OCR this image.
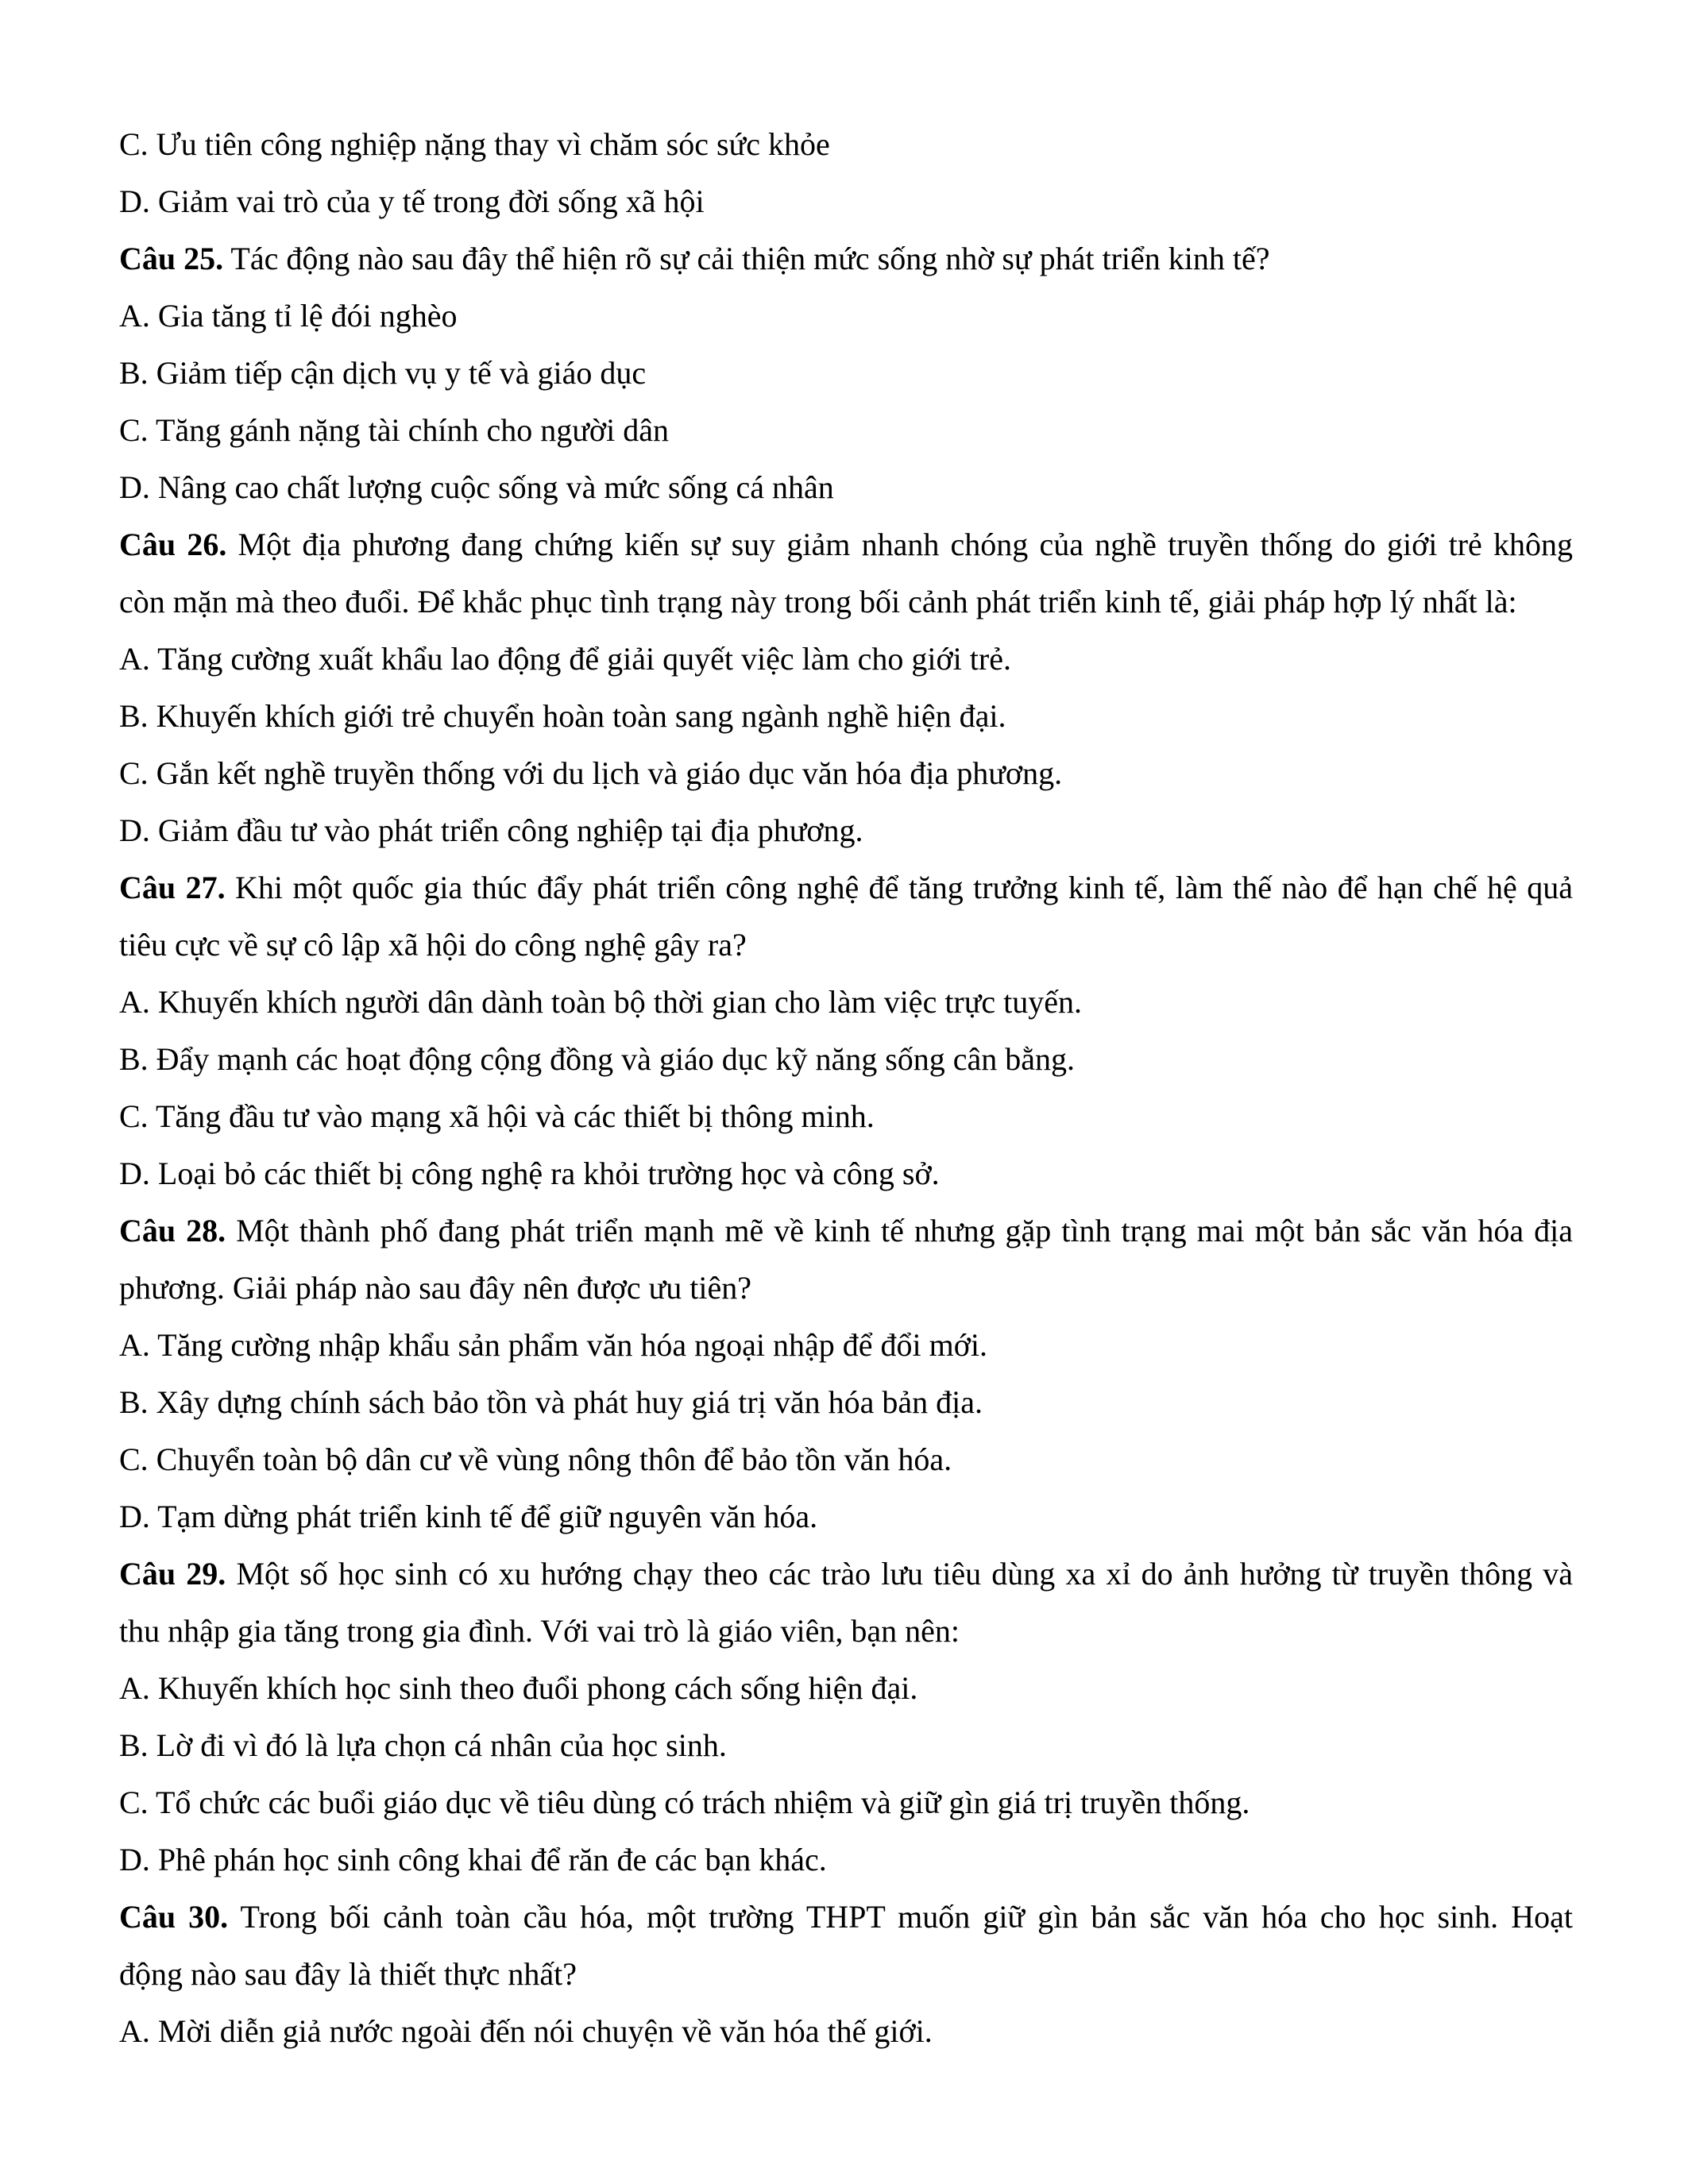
C. Ưu tiên công nghiệp nặng thay vì chăm sóc sức khỏe
D. Giảm vai trò của y tế trong đời sống xã hội
Câu 25. Tác động nào sau đây thể hiện rõ sự cải thiện mức sống nhờ sự phát triển kinh tế?
A. Gia tăng tỉ lệ đói nghèo
B. Giảm tiếp cận dịch vụ y tế và giáo dục
C. Tăng gánh nặng tài chính cho người dân
D. Nâng cao chất lượng cuộc sống và mức sống cá nhân
Câu 26. Một địa phương đang chứng kiến sự suy giảm nhanh chóng của nghề truyền thống do giới trẻ không
còn mặn mà theo đuổi. Để khắc phục tình trạng này trong bối cảnh phát triển kinh tế, giải pháp hợp lý nhất là:
A. Tăng cường xuất khẩu lao động để giải quyết việc làm cho giới trẻ.
B. Khuyến khích giới trẻ chuyển hoàn toàn sang ngành nghề hiện đại.
C. Gắn kết nghề truyền thống với du lịch và giáo dục văn hóa địa phương.
D. Giảm đầu tư vào phát triển công nghiệp tại địa phương.
Câu 27. Khi một quốc gia thúc đẩy phát triển công nghệ để tăng trưởng kinh tế, làm thế nào để hạn chế hệ quả
tiêu cực về sự cô lập xã hội do công nghệ gây ra?
A. Khuyến khích người dân dành toàn bộ thời gian cho làm việc trực tuyến.
B. Đẩy mạnh các hoạt động cộng đồng và giáo dục kỹ năng sống cân bằng.
C. Tăng đầu tư vào mạng xã hội và các thiết bị thông minh.
D. Loại bỏ các thiết bị công nghệ ra khỏi trường học và công sở.
Câu 28. Một thành phố đang phát triển mạnh mẽ về kinh tế nhưng gặp tình trạng mai một bản sắc văn hóa địa
phương. Giải pháp nào sau đây nên được ưu tiên?
A. Tăng cường nhập khẩu sản phẩm văn hóa ngoại nhập để đổi mới.
B. Xây dựng chính sách bảo tồn và phát huy giá trị văn hóa bản địa.
C. Chuyển toàn bộ dân cư về vùng nông thôn để bảo tồn văn hóa.
D. Tạm dừng phát triển kinh tế để giữ nguyên văn hóa.
Câu 29. Một số học sinh có xu hướng chạy theo các trào lưu tiêu dùng xa xỉ do ảnh hưởng từ truyền thông và
thu nhập gia tăng trong gia đình. Với vai trò là giáo viên, bạn nên:
A. Khuyến khích học sinh theo đuổi phong cách sống hiện đại.
B. Lờ đi vì đó là lựa chọn cá nhân của học sinh.
C. Tổ chức các buổi giáo dục về tiêu dùng có trách nhiệm và giữ gìn giá trị truyền thống.
D. Phê phán học sinh công khai để răn đe các bạn khác.
Câu 30. Trong bối cảnh toàn cầu hóa, một trường THPT muốn giữ gìn bản sắc văn hóa cho học sinh. Hoạt
động nào sau đây là thiết thực nhất?
A. Mời diễn giả nước ngoài đến nói chuyện về văn hóa thế giới.
